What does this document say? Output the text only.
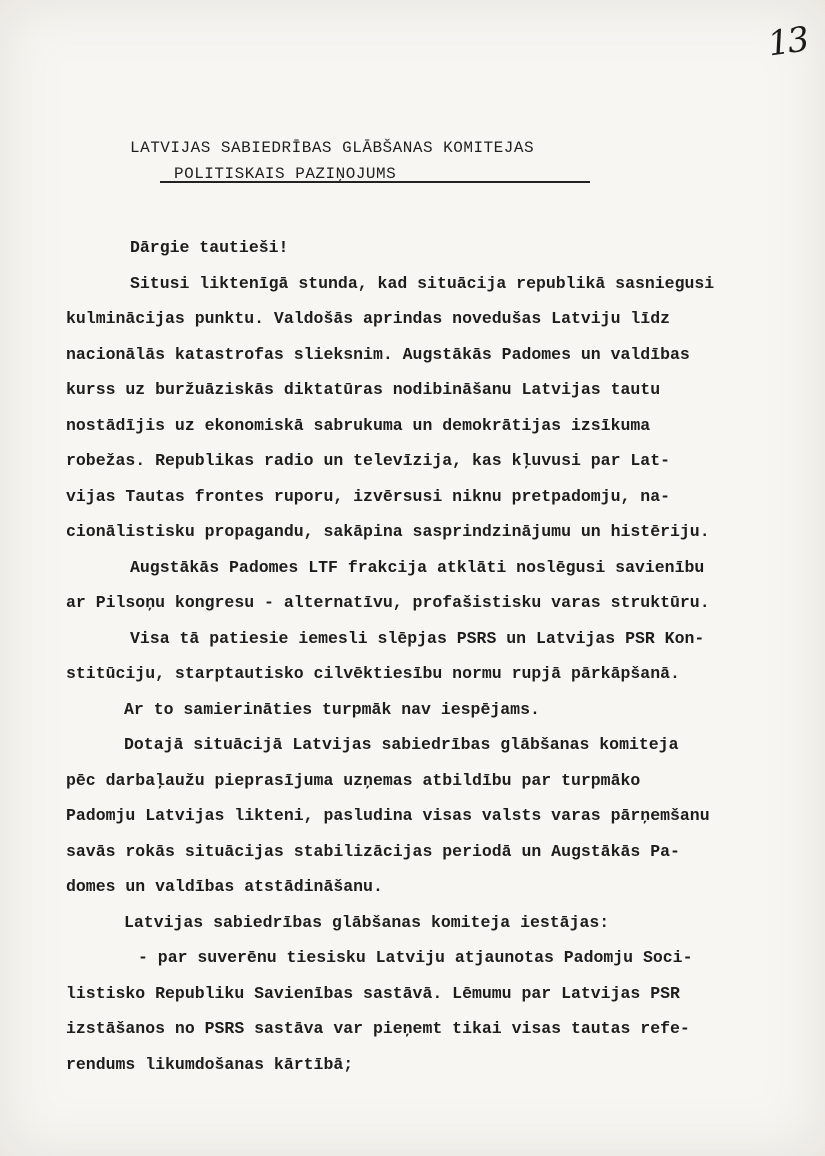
13
LATVIJAS SABIEDRĪBAS GLĀBŠANAS KOMITEJAS
POLITISKAIS PAZIŅOJUMS
Dārgie tautieši!
Situsi liktenīgā stunda, kad situācija republikā sasniegusi
kulmināciјas punktu. Valdošās aprindas novedušas Latviju līdz
nacionālās katastrofas slieksnim. Augstākās Padomes un valdības
kurss uz buržuāziskās diktatūras nodibināšanu Latvijas tautu
nostādījis uz ekonomiskā sabrukuma un demokrātijas izsīkuma
robežas. Republikas radio un televīzija, kas kļuvusi par Lat-
vijas Tautas frontes ruporu, izvērsusi niknu pretpadomju, na-
cionālistisku propagandu, sakāpina sasprindzinājumu un histēriju.
Augstākās Padomes LTF frakcija atklāti noslēgusi savienību
ar Pilsoņu kongresu - alternatīvu, profašistisku varas struktūru.
Visa tā patiesie iemesli slēpjas PSRS un Latvijas PSR Kon-
stitūciju, starptautisko cilvēktiesību normu rupjā pārkāpšanā.
Ar to samierināties turpmāk nav iespējams.
Dotajā situācijā Latvijas sabiedrības glābšanas komiteja
pēc darbaļaužu pieprasījuma uzņemas atbildību par turpmāko
Padomju Latvijas likteni, pasludina visas valsts varas pārņemšanu
savās rokās situācijas stabilizācijas periodā un Augstākās Pa-
domes un valdības atstādināšanu.
Latvijas sabiedrības glābšanas komiteja iestājas:
- par suverēnu tiesisku Latviju atjaunotas Padomju Soci-
listisko Republiku Savienības sastāvā. Lēmumu par Latvijas PSR
izstāšanos no PSRS sastāva var pieņemt tikai visas tautas refe-
rendums likumdošanas kārtībā;
